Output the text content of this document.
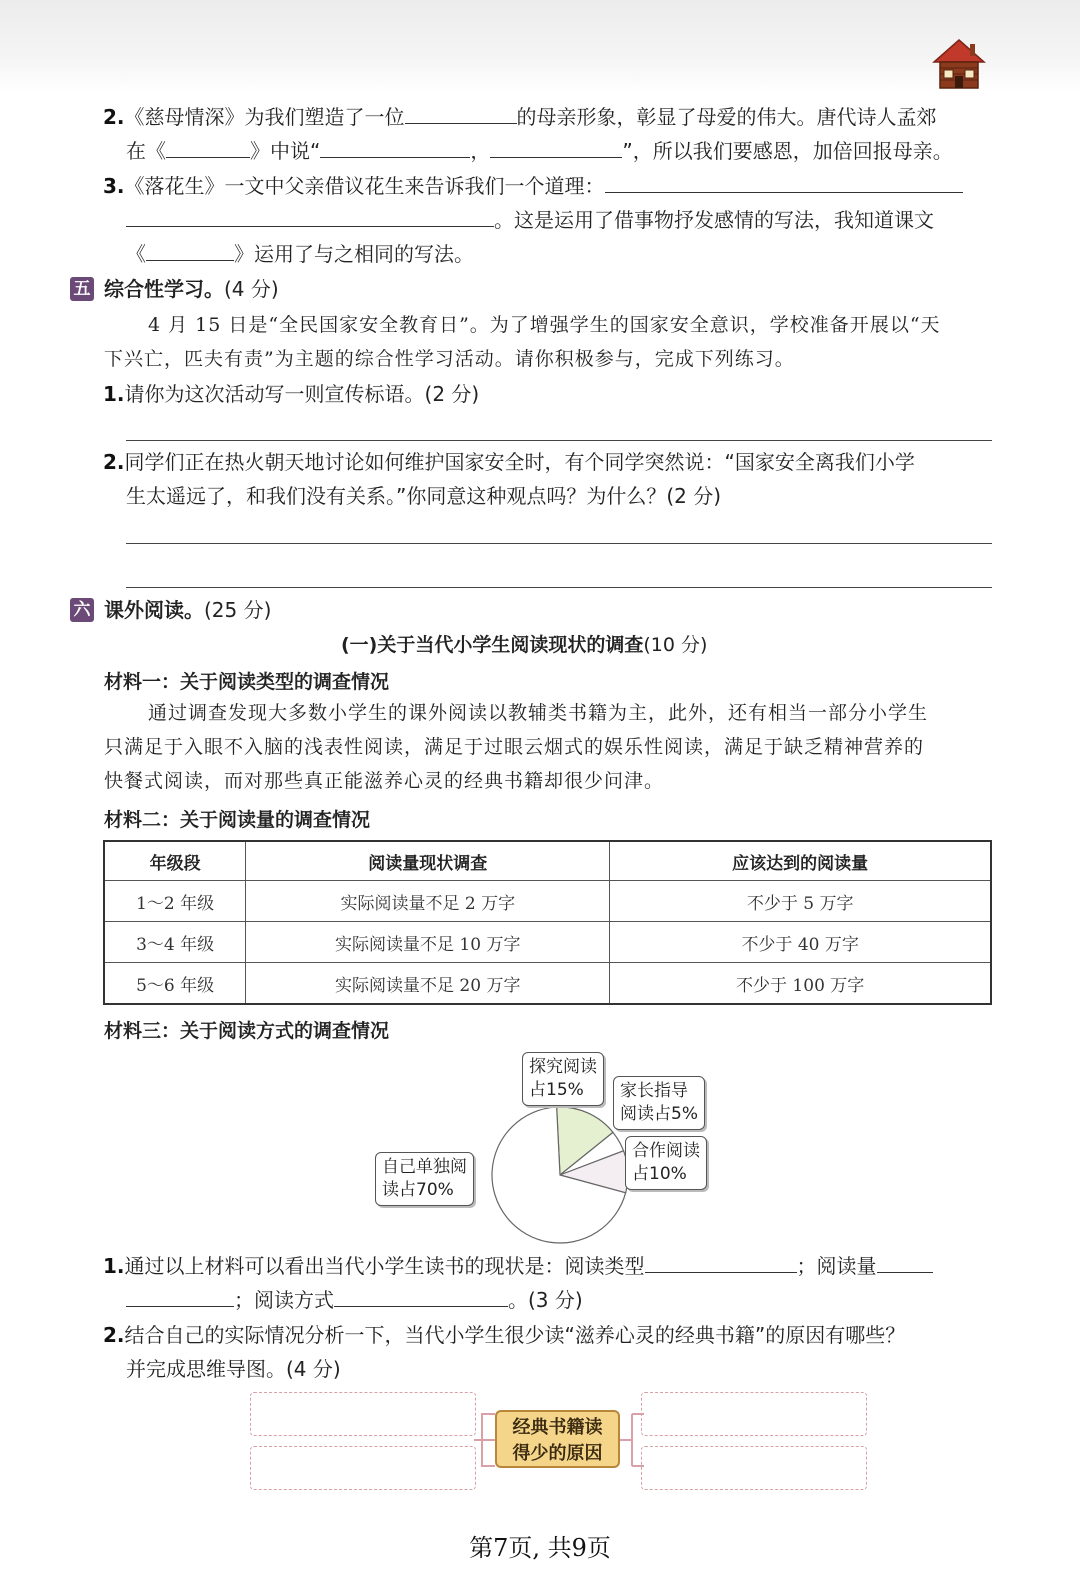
2.《慈母情深》为我们塑造了一位	的母亲形象，彰显了母爱的伟大。唐代诗人孟郊
在《	》中说“	，	”，所以我们要感恩，加倍回报母亲。
3.《落花生》一文中父亲借议花生来告诉我们一个道理：
。这是运用了借事物抒发感情的写法，我知道课文
《	》运用了与之相同的写法。
五 综合性学习。(4 分)
4 月 15 日是“全民国家安全教育日”。为了增强学生的国家安全意识，学校准备开展以“天
下兴亡，匹夫有责”为主题的综合性学习活动。请你积极参与，完成下列练习。
1.请你为这次活动写一则宣传标语。(2 分)
2.同学们正在热火朝天地讨论如何维护国家安全时，有个同学突然说：“国家安全离我们小学
生太遥远了，和我们没有关系。”你同意这种观点吗？为什么？(2 分)
六 课外阅读。(25 分)
(一)关于当代小学生阅读现状的调查(10 分)
材料一：关于阅读类型的调查情况
通过调查发现大多数小学生的课外阅读以教辅类书籍为主，此外，还有相当一部分小学生
只满足于入眼不入脑的浅表性阅读，满足于过眼云烟式的娱乐性阅读，满足于缺乏精神营养的
快餐式阅读，而对那些真正能滋养心灵的经典书籍却很少问津。
材料二：关于阅读量的调查情况
年级段	阅读量现状调查	应该达到的阅读量
1～2 年级	实际阅读量不足 2 万字	不少于 5 万字
3～4 年级	实际阅读量不足 10 万字	不少于 40 万字
5～6 年级	实际阅读量不足 20 万字	不少于 100 万字
材料三：关于阅读方式的调查情况
探究阅读
占15%	家长指导
阅读占5%
合作阅读
占10%
自己单独阅
读占70%
1.通过以上材料可以看出当代小学生读书的现状是：阅读类型	；阅读量
；阅读方式	。(3 分)
2.结合自己的实际情况分析一下，当代小学生很少读“滋养心灵的经典书籍”的原因有哪些？
并完成思维导图。(4 分)
经典书籍读
得少的原因
第7页, 共9页
